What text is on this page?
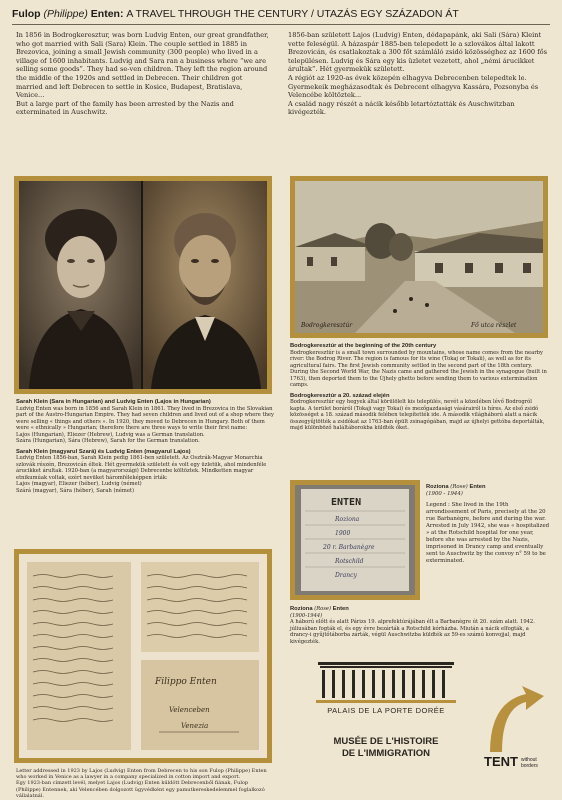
Fulop (Philippe) Enten: A TRAVEL THROUGH THE CENTURY / UTAZÁS EGY SZÁZADON ÁT

In 1856 in Bodrogkeresztur, was born Ludvig Enten, our great grandfather, who got married with Sali (Sara) Klein. The couple settled in 1885 in Brezovica, joining a small Jewish community (300 people) who lived in a village of 1600 inhabitants. Ludvig and Sara ran a business where “we are selling some goods”. They had se-ven children. They left the region around the middle of the 1920s and settled in Debrecen. Their children got married and left Debrecen to settle in Kosice, Budapest, Bratislava, Venice...

But a large part of the family has been arrested by the Nazis and exterminated in Auschwitz.

1856-ban született Lajos (Ludvig) Enten, dédapapánk, aki Sali (Sára) Kleint vette feleségül. A házaspár 1885-ben telepedett le a szlovákos által lakott Brezovicán, és csatlakoztak a 300 főt számláló zsidó közösséghez az 1600 fős településen. Ludvig és Sára egy kis üzletet vezetett, ahol „némi árucikket árultak”. Hét gyermekük született.

A régiót az 1920-as évek közepén elhagyva Debrecenben telepedtek le. Gyermekeik megházasodtak és Debrecent elhagyva Kassára, Pozsonyba és Velencébe költöztek...

A család nagy részét a nácik később letartóztatták és Auschwitzban kivégezték.

Sarah Klein (Sara in Hungarian) and Ludvig Enten (Lajos in Hungarian)
Ludvig Enten was born in 1856 and Sarah Klein in 1861. They lived in Brezovica in the Slovakian part of the Austro-Hungarian Empire. They had seven children and lived out of a shop where they were selling « things and others ». In 1920, they moved to Debrecen in Hungary. Both of them were « ethnically » Hungarian; therefore there are three ways to write their first name:
Lajos (Hungarian), Eliezer (Hebrew), Ludvig was a German translation.
Szára (Hungarian), Sára (Hebrew), Sarah for the German translation.
Sarah Klein (magyarul Szará) és Ludvig Enten (magyarul Lajos)
Ludvig Enten 1856-ban, Sarah Klein pedig 1861-ben született. Az Osztrák-Magyar Monarchia szlovák részén, Brezovicán éltek. Hét gyermekük született és volt egy üzletük, ahol mindenféle árucikket árultak. 1920-ban (a magyarországi) Debrecenbe költöztek. Mindketten magyar etnikumúak voltak, ezért nevüket háromféleképpen írták:
Lajos (magyar), Eliezer (héber), Ludvig (német)
Szárá (magyar), Sára (héber), Sarah (német)
Bodrogkeresztúr	Fő utca részlet
Bodrogkeresztúr at the beginning of the 20th century
Bodrogkeresztúr is a small town surrounded by mountains, whose name comes from the nearby river: the Bodrog River. The region is famous for its wine (Tokaj or Tokaïi), as well as for its agricultural fairs. The first Jewish community settled in the second part of the 18th century. During the Second World War, the Nazis came and gathered the Jewish in the synagogue (built in 1763), then deported them to the Újhely ghetto before sending them to various extermination camps.
Bodrogkeresztúr a 20. század elején
Bodrogkeresztúr egy hegyek által körülölelt kis település, nevét a közelében lévő Bodrogról kapta. A terület boráról (Tokaji vagy Tokai) és mezőgazdasági vásárairól is híres. Az első zsidó közösséget a 18. század második felében telepítették ide. A második világháború alatt a nácik összegyűjtötték a zsidókat az 1763-ban épült zsinagógában, majd az újhelyi gettóba deportálták, majd különböző haláltáborokba küldték őket.
ENTEN
Roziona
1900
20 r. Barbanègre
Rotschild
Drancy
Roziona (Rose) Enten
(1900 - 1944)
Legend : She lived in the 19th arrondissement of Paris, precisely at the 20 rue Barbanègre, before and during the war. Arrested in July 1942, she was « hospitalized » at the Rotschild hospital for one year, before she was arrested by the Nazis, imprisoned in Drancy camp and eventually sent to Auschwitz by the convoy n° 59 to be exterminated.
Roziona (Rose) Enten
(1900-1944)
A háború előtt és alatt Párizs 19. alprefektúrájában élt a Barbanègre út 20. szám alatt. 1942. júliusában fogták el, és egy évre bezárták a Rotschild kórházba. Miután a nácik elfogták, a drancy-i gyűjtőtáborba zárták, végül Auschwitzba küldték az 59-es számú konvojjal, majd kivégezték.
Filippo Enten
Velenceben
Venezia
Letter addressed in 1923 by Lajos (Ludvig) Enten from Debrecen to his son Fulop (Philippe) Enten who worked in Venice as a lawyer in a company specialized in cotton import and export.
Egy 1923-ban címzett levél, melyet Lajos (Ludvig) Enten küldött Debrecenből fiának, Fulop (Philippe) Entennek, aki Velencében dolgozott ügyvédként egy pamutkereskedelemmel foglalkozó vállalatnál.
PALAIS DE LA PORTE DORÉE
MUSÉE DE L'HISTOIRE
DE L'IMMIGRATION
TENT without
borders
